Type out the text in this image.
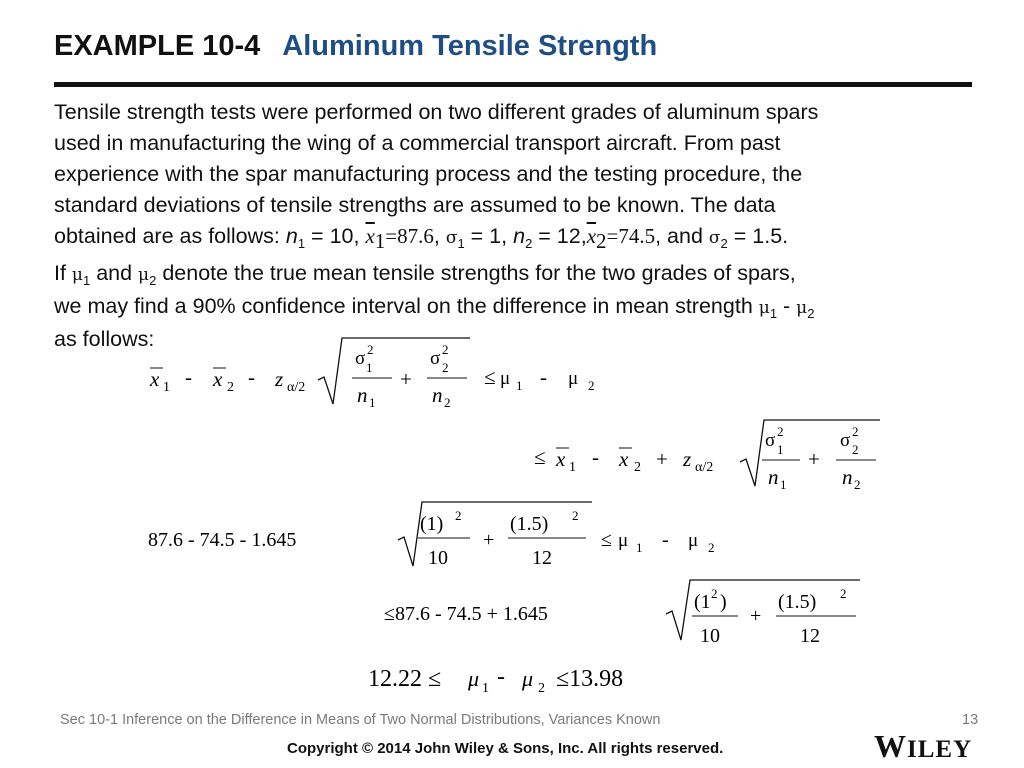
EXAMPLE 10-4 Aluminum Tensile Strength
Tensile strength tests were performed on two different grades of aluminum spars
used in manufacturing the wing of a commercial transport aircraft. From past
experience with the spar manufacturing process and the testing procedure, the
standard deviations of tensile strengths are assumed to be known. The data
obtained are as follows: $n_1 = 10$, $\overline{x}1=87.6$, $\sigma_1 = 1$, $n_2 = 12,\overline{x}2=74.5$, and $\sigma_2 = 1.5$.
If $\mu_1$ and $\mu_2$ denote the true mean tensile strengths for the two grades of spars,
we may find a 90% confidence interval on the difference in mean strength $\mu_1 - \mu_2$
as follows:
x 1 - x 2 - z α/2
σ 2
1
n 1
+
σ 2
2
n 2
≤ μ 1 - μ 2
≤ x 1 - x 2 + z α/2
σ 2
1
n 1
+
σ 2
2
n 2
87.6 - 74.5 - 1.645
(1) 2
10
+
(1.5) 2
12
≤ μ 1 - μ 2
≤87.6 - 74.5 + 1.645
(1 2 )
10
+
(1.5) 2
12
12.22 ≤ μ 1 - μ 2 ≤13.98
Sec 10-1 Inference on the Difference in Means of Two Normal Distributions, Variances Known	13
Copyright © 2014 John Wiley & Sons, Inc. All rights reserved.	WILEY
